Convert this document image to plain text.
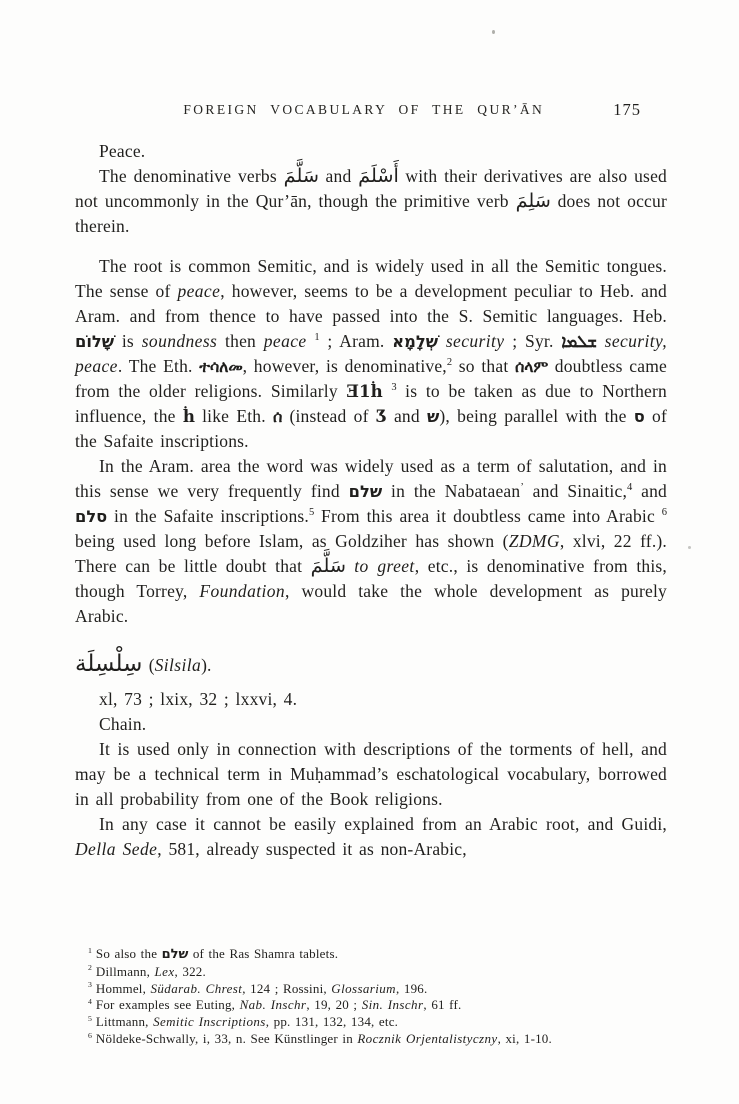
FOREIGN VOCABULARY OF THE QUR’ĀN	175

Peace.

The denominative verbs سَلَّمَ and أَسْلَمَ with their derivatives are also used not uncommonly in the Qur’ān, though the primitive verb سَلِمَ does not occur therein.

The root is common Semitic, and is widely used in all the Semitic tongues. The sense of peace, however, seems to be a development peculiar to Heb. and Aram. and from thence to have passed into the S. Semitic languages. Heb. שָׁלוֹם is soundness then peace $^1$ ; Aram. שְׁלָמָא security ; Syr. ܫܠܡܐ security, peace. The Eth. ተሳለመ, however, is denominative,$^2$ so that ሰላም doubtless came from the older religions. Similarly Ǝ1ḣ $^3$ is to be taken as due to Northern influence, the ḣ like Eth. ሰ (instead of Ʒ and ש), being parallel with the ס of the Safaite inscriptions.

In the Aram. area the word was widely used as a term of salutation, and in this sense we very frequently find שלם in the Nabataean’ and Sinaitic,$^4$ and סלם in the Safaite inscriptions.$^5$ From this area it doubtless came into Arabic $^6$ being used long before Islam, as Goldziher has shown (ZDMG, xlvi, 22 ff.). There can be little doubt that سَلَّمَ to greet, etc., is denominative from this, though Torrey, Foundation, would take the whole development as purely Arabic.

سِلْسِلَة (Silsila).

xl, 73 ; lxix, 32 ; lxxvi, 4.

Chain.

It is used only in connection with descriptions of the torments of hell, and may be a technical term in Muḥammad’s eschatological vocabulary, borrowed in all probability from one of the Book religions.

In any case it cannot be easily explained from an Arabic root, and Guidi, Della Sede, 581, already suspected it as non-Arabic,

$^1$ So also the שלם of the Ras Shamra tablets.

$^2$ Dillmann, Lex, 322.

$^3$ Hommel, Südarab. Chrest, 124 ; Rossini, Glossarium, 196.

$^4$ For examples see Euting, Nab. Inschr, 19, 20 ; Sin. Inschr, 61 ff.

$^5$ Littmann, Semitic Inscriptions, pp. 131, 132, 134, etc.

$^6$ Nöldeke-Schwally, i, 33, n. See Künstlinger in Rocznik Orjentalistyczny, xi, 1-10.
